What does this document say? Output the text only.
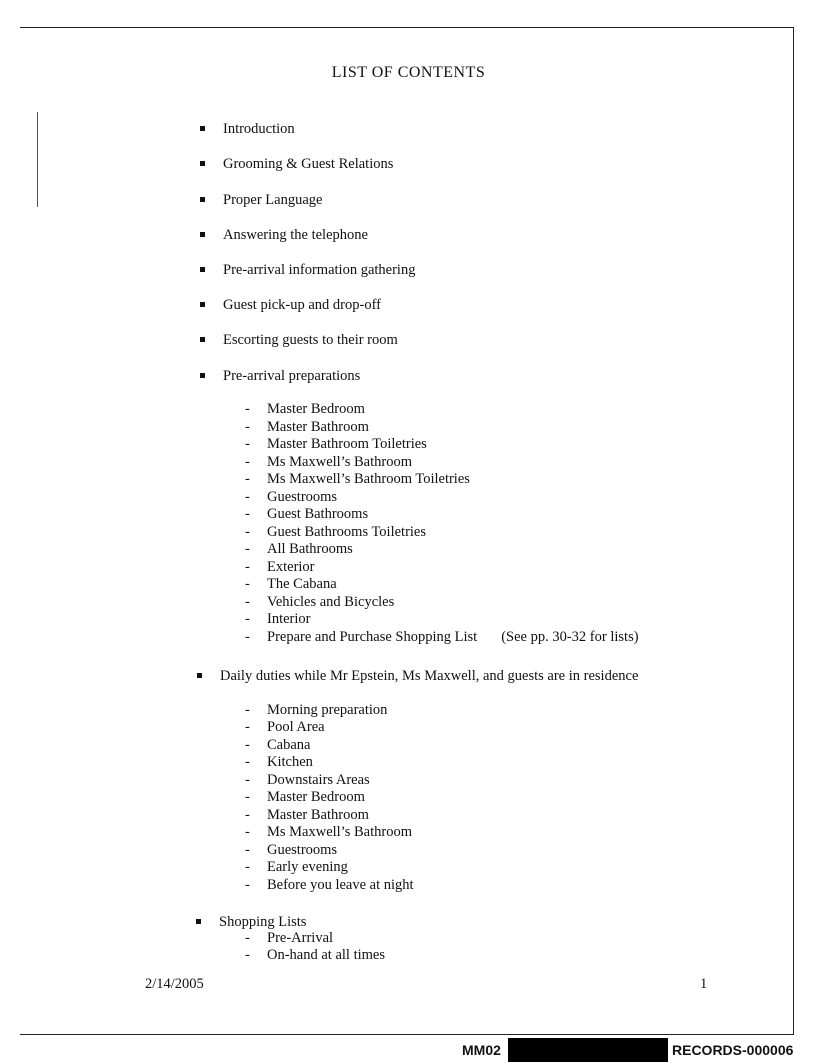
LIST OF CONTENTS
Introduction
Grooming & Guest Relations
Proper Language
Answering the telephone
Pre-arrival information gathering
Guest pick-up and drop-off
Escorting guests to their room
Pre-arrival preparations
- Master Bedroom
- Master Bathroom
- Master Bathroom Toiletries
- Ms Maxwell’s Bathroom
- Ms Maxwell’s Bathroom Toiletries
- Guestrooms
- Guest Bathrooms
- Guest Bathrooms Toiletries
- All Bathrooms
- Exterior
- The Cabana
- Vehicles and Bicycles
- Interior
- Prepare and Purchase Shopping List (See pp. 30-32 for lists)
Daily duties while Mr Epstein, Ms Maxwell, and guests are in residence
- Morning preparation
- Pool Area
- Cabana
- Kitchen
- Downstairs Areas
- Master Bedroom
- Master Bathroom
- Ms Maxwell’s Bathroom
- Guestrooms
- Early evening
- Before you leave at night
Shopping Lists
- Pre-Arrival
- On-hand at all times
2/14/2005	1
MM02	RECORDS-000006
